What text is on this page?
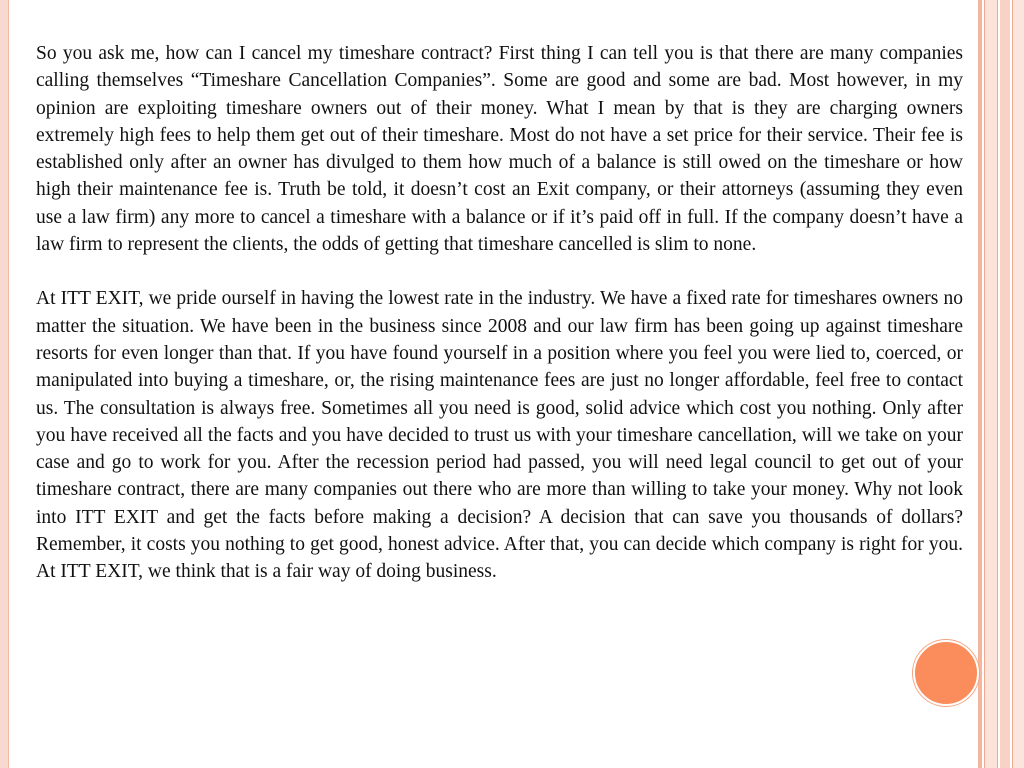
So you ask me, how can I cancel my timeshare contract? First thing I can tell you is that there are many companies calling themselves “Timeshare Cancellation Companies”. Some are good and some are bad. Most however, in my opinion are exploiting timeshare owners out of their money. What I mean by that is they are charging owners extremely high fees to help them get out of their timeshare. Most do not have a set price for their service. Their fee is established only after an owner has divulged to them how much of a balance is still owed on the timeshare or how high their maintenance fee is. Truth be told, it doesn’t cost an Exit company, or their attorneys (assuming they even use a law firm) any more to cancel a timeshare with a balance or if it’s paid off in full. If the company doesn’t have a law firm to represent the clients, the odds of getting that timeshare cancelled is slim to none.

At ITT EXIT, we pride ourself in having the lowest rate in the industry. We have a fixed rate for timeshares owners no matter the situation. We have been in the business since 2008 and our law firm has been going up against timeshare resorts for even longer than that. If you have found yourself in a position where you feel you were lied to, coerced, or manipulated into buying a timeshare, or, the rising maintenance fees are just no longer affordable, feel free to contact us. The consultation is always free. Sometimes all you need is good, solid advice which cost you nothing. Only after you have received all the facts and you have decided to trust us with your timeshare cancellation, will we take on your case and go to work for you. After the recession period had passed, you will need legal council to get out of your timeshare contract, there are many companies out there who are more than willing to take your money. Why not look into ITT EXIT and get the facts before making a decision? A decision that can save you thousands of dollars? Remember, it costs you nothing to get good, honest advice. After that, you can decide which company is right for you. At ITT EXIT, we think that is a fair way of doing business.
